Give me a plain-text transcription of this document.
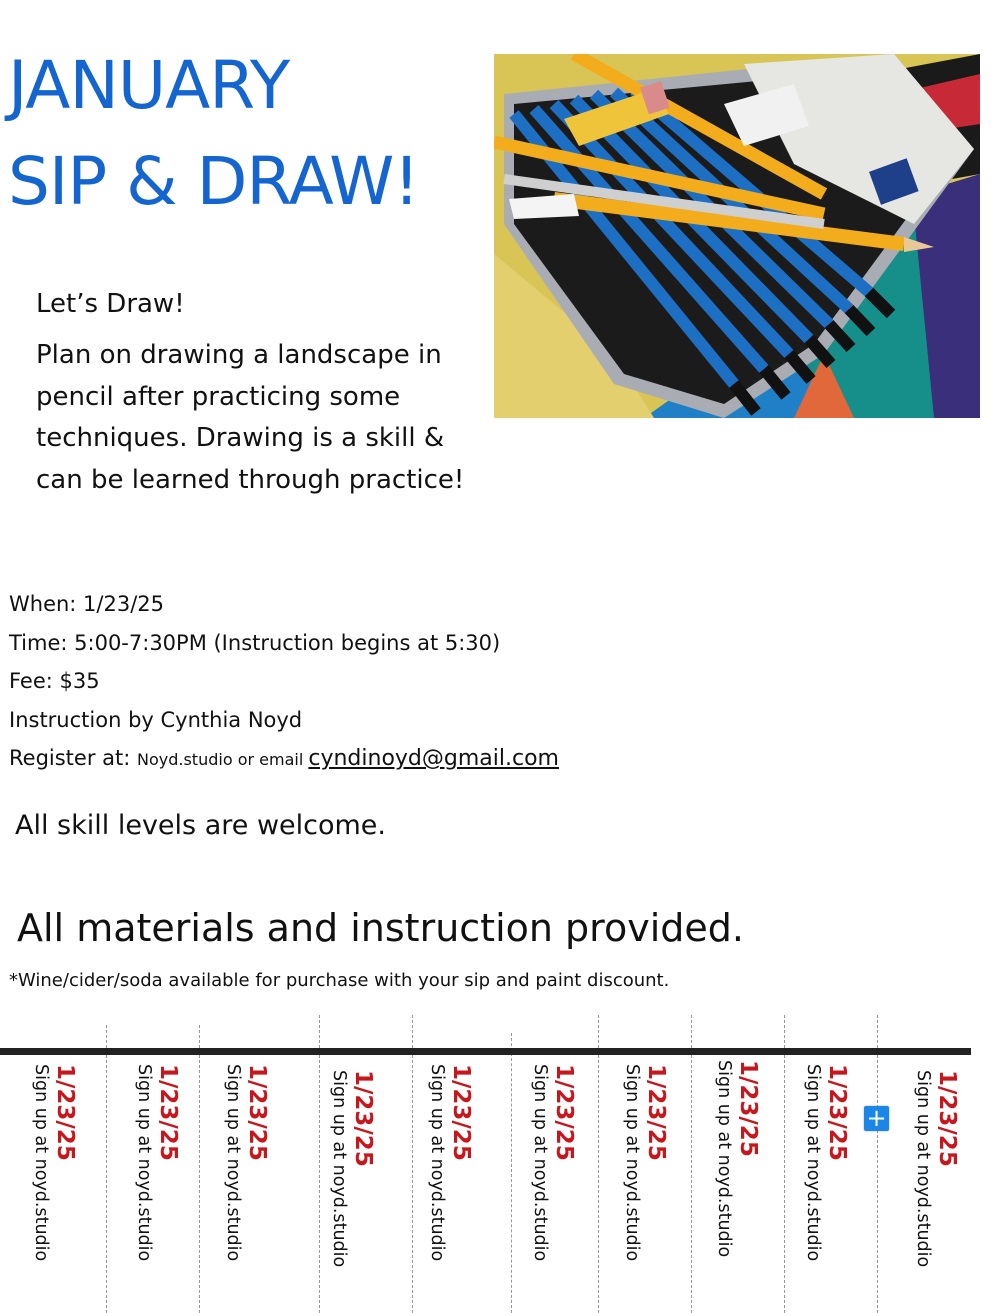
JANUARY
SIP & DRAW!

Let’s Draw!

Plan on drawing a landscape in pencil after practicing some techniques. Drawing is a skill & can be learned through practice!

When: 1/23/25
Time: 5:00-7:30PM (Instruction begins at 5:30)
Fee: $35
Instruction by Cynthia Noyd
Register at: Noyd.studio or email cyndinoyd@gmail.com
All skill levels are welcome.
All materials and instruction provided.
*Wine/cider/soda available for purchase with your sip and paint discount.
1/23/25
Sign up at noyd.studio	1/23/25
Sign up at noyd.studio	1/23/25
Sign up at noyd.studio	1/23/25
Sign up at noyd.studio	1/23/25
Sign up at noyd.studio	1/23/25
Sign up at noyd.studio	1/23/25
Sign up at noyd.studio	1/23/25
Sign up at noyd.studio	1/23/25
Sign up at noyd.studio	1/23/25
Sign up at noyd.studio
+
